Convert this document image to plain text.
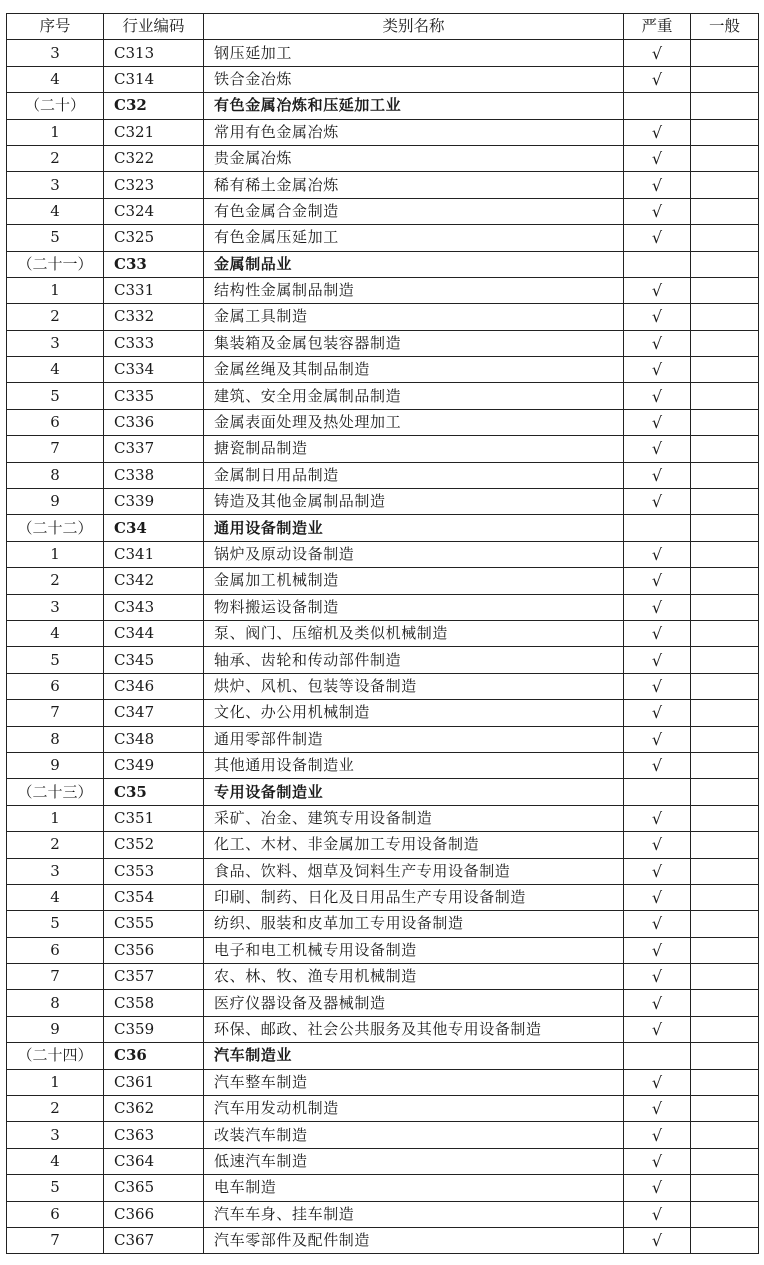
序号	行业编码	类别名称	严重	一般
3	C313	钢压延加工	√	
4	C314	铁合金冶炼	√	
（二十）	C32	有色金属冶炼和压延加工业		
1	C321	常用有色金属冶炼	√	
2	C322	贵金属冶炼	√	
3	C323	稀有稀土金属冶炼	√	
4	C324	有色金属合金制造	√	
5	C325	有色金属压延加工	√	
（二十一）	C33	金属制品业		
1	C331	结构性金属制品制造	√	
2	C332	金属工具制造	√	
3	C333	集装箱及金属包装容器制造	√	
4	C334	金属丝绳及其制品制造	√	
5	C335	建筑、安全用金属制品制造	√	
6	C336	金属表面处理及热处理加工	√	
7	C337	搪瓷制品制造	√	
8	C338	金属制日用品制造	√	
9	C339	铸造及其他金属制品制造	√	
（二十二）	C34	通用设备制造业		
1	C341	锅炉及原动设备制造	√	
2	C342	金属加工机械制造	√	
3	C343	物料搬运设备制造	√	
4	C344	泵、阀门、压缩机及类似机械制造	√	
5	C345	轴承、齿轮和传动部件制造	√	
6	C346	烘炉、风机、包装等设备制造	√	
7	C347	文化、办公用机械制造	√	
8	C348	通用零部件制造	√	
9	C349	其他通用设备制造业	√	
（二十三）	C35	专用设备制造业		
1	C351	采矿、冶金、建筑专用设备制造	√	
2	C352	化工、木材、非金属加工专用设备制造	√	
3	C353	食品、饮料、烟草及饲料生产专用设备制造	√	
4	C354	印刷、制药、日化及日用品生产专用设备制造	√	
5	C355	纺织、服装和皮革加工专用设备制造	√	
6	C356	电子和电工机械专用设备制造	√	
7	C357	农、林、牧、渔专用机械制造	√	
8	C358	医疗仪器设备及器械制造	√	
9	C359	环保、邮政、社会公共服务及其他专用设备制造	√	
（二十四）	C36	汽车制造业		
1	C361	汽车整车制造	√	
2	C362	汽车用发动机制造	√	
3	C363	改装汽车制造	√	
4	C364	低速汽车制造	√	
5	C365	电车制造	√	
6	C366	汽车车身、挂车制造	√	
7	C367	汽车零部件及配件制造	√	
